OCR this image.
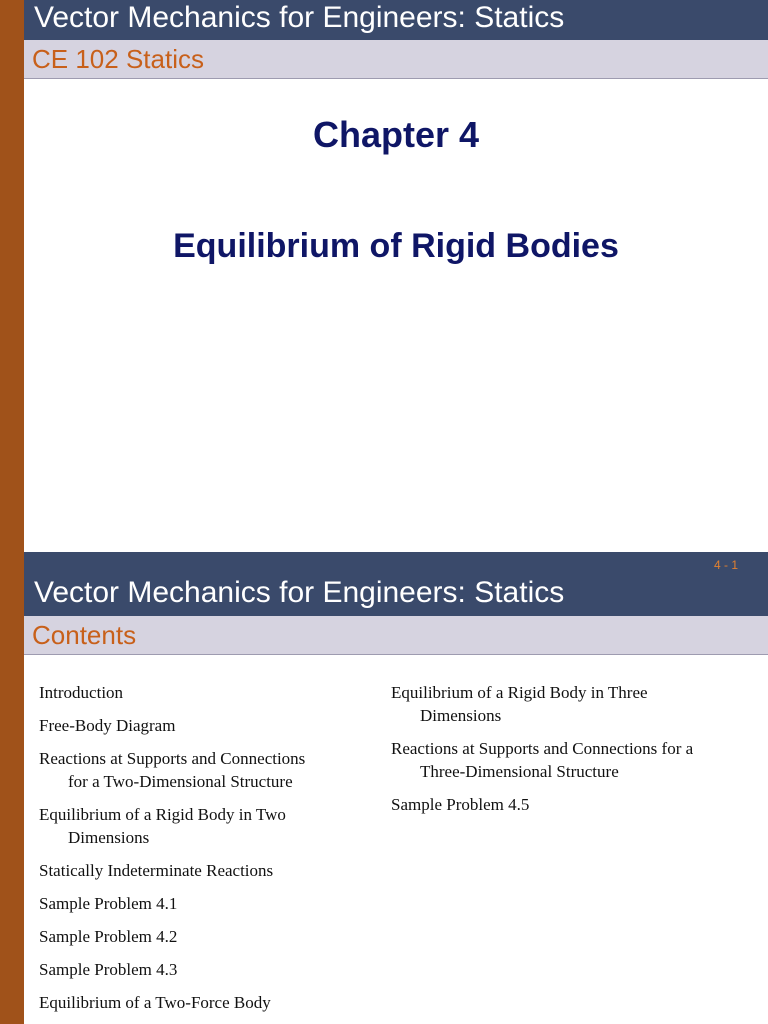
Vector Mechanics for Engineers: Statics
CE 102 Statics
Chapter 4
Equilibrium of Rigid Bodies
4 - 1
Vector Mechanics for Engineers: Statics
Contents
Introduction
Free-Body Diagram
Reactions at Supports and Connections
for a Two-Dimensional Structure
Equilibrium of a Rigid Body in Two
Dimensions
Statically Indeterminate Reactions
Sample Problem 4.1
Sample Problem 4.2
Sample Problem 4.3
Equilibrium of a Two-Force Body
Equilibrium of a Rigid Body in Three
Dimensions
Reactions at Supports and Connections for a
Three-Dimensional Structure
Sample Problem 4.5
